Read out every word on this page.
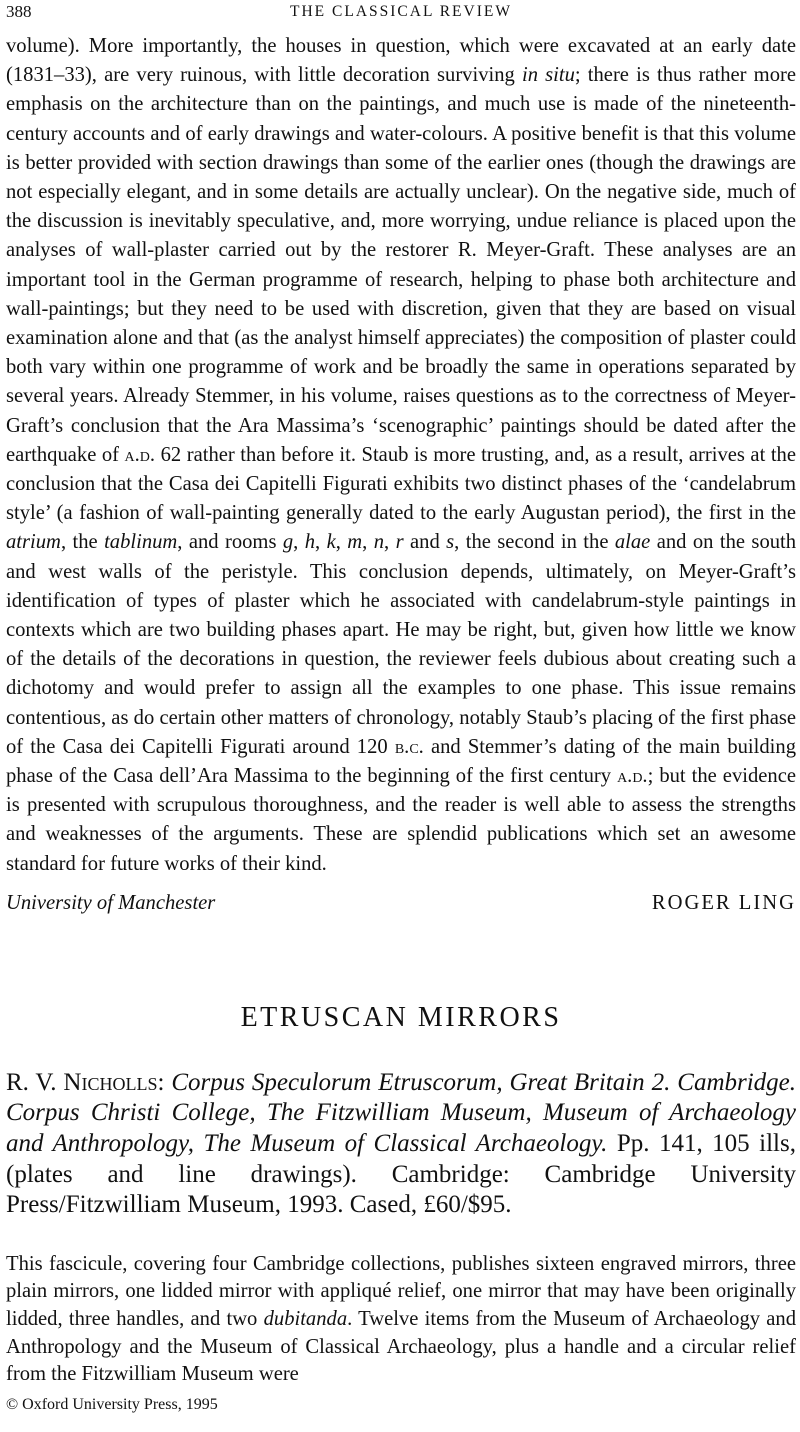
388	THE CLASSICAL REVIEW

volume). More importantly, the houses in question, which were excavated at an early date (1831–33), are very ruinous, with little decoration surviving in situ; there is thus rather more emphasis on the architecture than on the paintings, and much use is made of the nineteenth-century accounts and of early drawings and water-colours. A positive benefit is that this volume is better provided with section drawings than some of the earlier ones (though the drawings are not especially elegant, and in some details are actually unclear). On the negative side, much of the discussion is inevitably speculative, and, more worrying, undue reliance is placed upon the analyses of wall-plaster carried out by the restorer R. Meyer-Graft. These analyses are an important tool in the German programme of research, helping to phase both architecture and wall-paintings; but they need to be used with discretion, given that they are based on visual examination alone and that (as the analyst himself appreciates) the composition of plaster could both vary within one programme of work and be broadly the same in operations separated by several years. Already Stemmer, in his volume, raises questions as to the correctness of Meyer-Graft’s conclusion that the Ara Massima’s ‘scenographic’ paintings should be dated after the earthquake of a.d. 62 rather than before it. Staub is more trusting, and, as a result, arrives at the conclusion that the Casa dei Capitelli Figurati exhibits two distinct phases of the ‘candelabrum style’ (a fashion of wall-painting generally dated to the early Augustan period), the first in the atrium, the tablinum, and rooms g, h, k, m, n, r and s, the second in the alae and on the south and west walls of the peristyle. This conclusion depends, ultimately, on Meyer-Graft’s identification of types of plaster which he associated with candelabrum-style paintings in contexts which are two building phases apart. He may be right, but, given how little we know of the details of the decorations in question, the reviewer feels dubious about creating such a dichotomy and would prefer to assign all the examples to one phase. This issue remains contentious, as do certain other matters of chronology, notably Staub’s placing of the first phase of the Casa dei Capitelli Figurati around 120 b.c. and Stemmer’s dating of the main building phase of the Casa dell’Ara Massima to the beginning of the first century a.d.; but the evidence is presented with scrupulous thoroughness, and the reader is well able to assess the strengths and weaknesses of the arguments. These are splendid publications which set an awesome standard for future works of their kind.

University of Manchester	ROGER LING
ETRUSCAN MIRRORS

R. V. Nicholls: Corpus Speculorum Etruscorum, Great Britain 2. Cambridge. Corpus Christi College, The Fitzwilliam Museum, Museum of Archaeology and Anthropology, The Museum of Classical Archaeology. Pp. 141, 105 ills, (plates and line drawings). Cambridge: Cambridge University Press/Fitzwilliam Museum, 1993. Cased, £60/$95.

This fascicule, covering four Cambridge collections, publishes sixteen engraved mirrors, three plain mirrors, one lidded mirror with appliqué relief, one mirror that may have been originally lidded, three handles, and two dubitanda. Twelve items from the Museum of Archaeology and Anthropology and the Museum of Classical Archaeology, plus a handle and a circular relief from the Fitzwilliam Museum were

© Oxford University Press, 1995
